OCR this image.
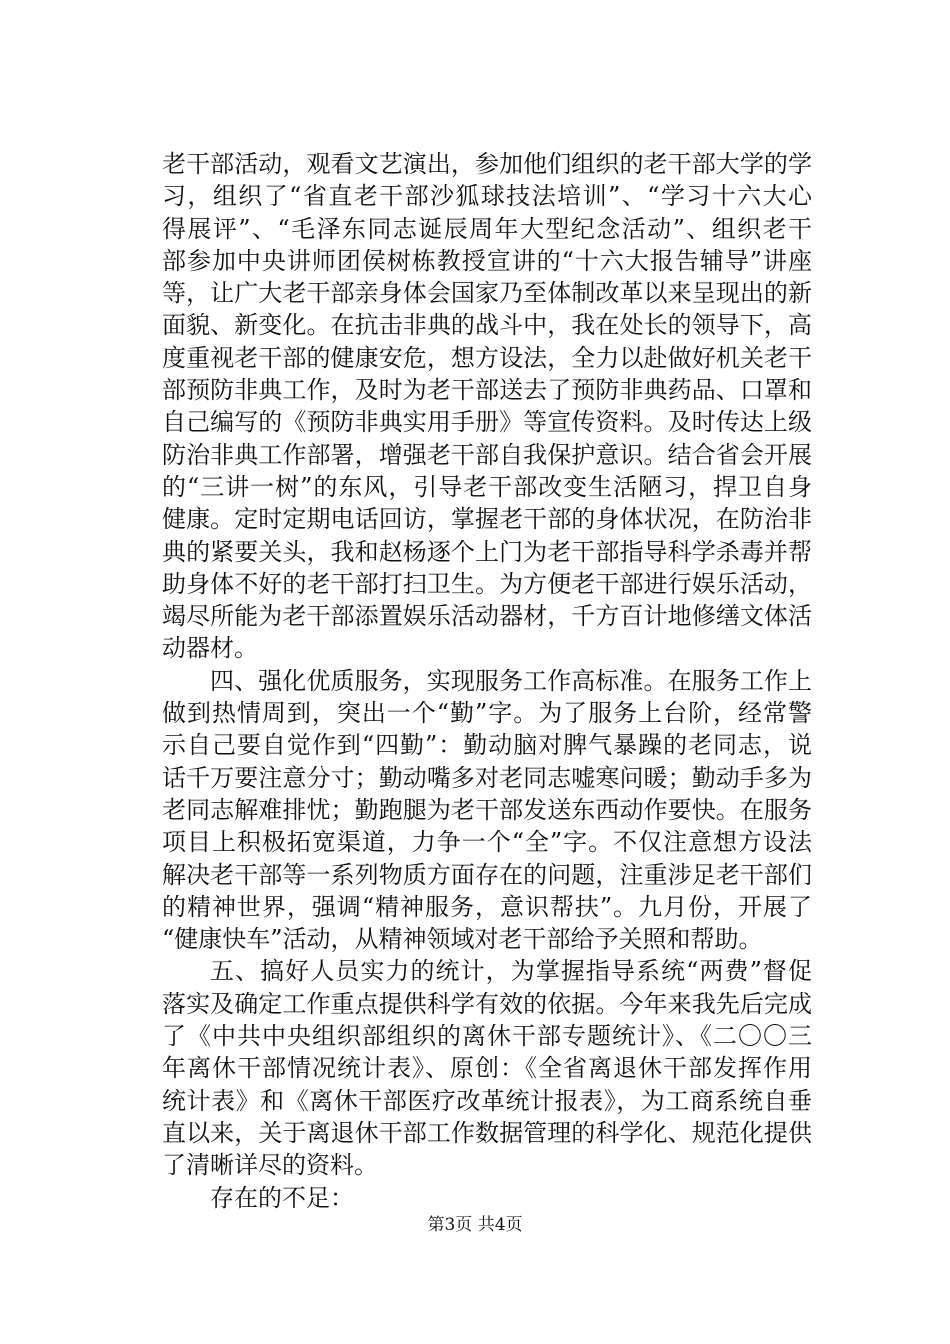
老干部活动，观看文艺演出，参加他们组织的老干部大学的学
习，组织了“省直老干部沙狐球技法培训”、“学习十六大心
得展评”、“毛泽东同志诞辰周年大型纪念活动”、组织老干
部参加中央讲师团侯树栋教授宣讲的“十六大报告辅导”讲座
等，让广大老干部亲身体会国家乃至体制改革以来呈现出的新
面貌、新变化。在抗击非典的战斗中，我在处长的领导下，高
度重视老干部的健康安危，想方设法，全力以赴做好机关老干
部预防非典工作，及时为老干部送去了预防非典药品、口罩和
自己编写的《预防非典实用手册》等宣传资料。及时传达上级
防治非典工作部署，增强老干部自我保护意识。结合省会开展
的“三讲一树”的东风，引导老干部改变生活陋习，捍卫自身
健康。定时定期电话回访，掌握老干部的身体状况，在防治非
典的紧要关头，我和赵杨逐个上门为老干部指导科学杀毒并帮
助身体不好的老干部打扫卫生。为方便老干部进行娱乐活动，
竭尽所能为老干部添置娱乐活动器材，千方百计地修缮文体活
动器材。
四、强化优质服务，实现服务工作高标准。在服务工作上
做到热情周到，突出一个“勤”字。为了服务上台阶，经常警
示自己要自觉作到“四勤”：勤动脑对脾气暴躁的老同志，说
话千万要注意分寸；勤动嘴多对老同志嘘寒问暖；勤动手多为
老同志解难排忧；勤跑腿为老干部发送东西动作要快。在服务
项目上积极拓宽渠道，力争一个“全”字。不仅注意想方设法
解决老干部等一系列物质方面存在的问题，注重涉足老干部们
的精神世界，强调“精神服务，意识帮扶”。九月份，开展了
“健康快车”活动，从精神领域对老干部给予关照和帮助。
五、搞好人员实力的统计，为掌握指导系统“两费”督促
落实及确定工作重点提供科学有效的依据。今年来我先后完成
了《中共中央组织部组织的离休干部专题统计》、《二〇〇三
年离休干部情况统计表》、原创：《全省离退休干部发挥作用
统计表》和《离休干部医疗改革统计报表》，为工商系统自垂
直以来，关于离退休干部工作数据管理的科学化、规范化提供
了清晰详尽的资料。
存在的不足：
第3页 共4页
